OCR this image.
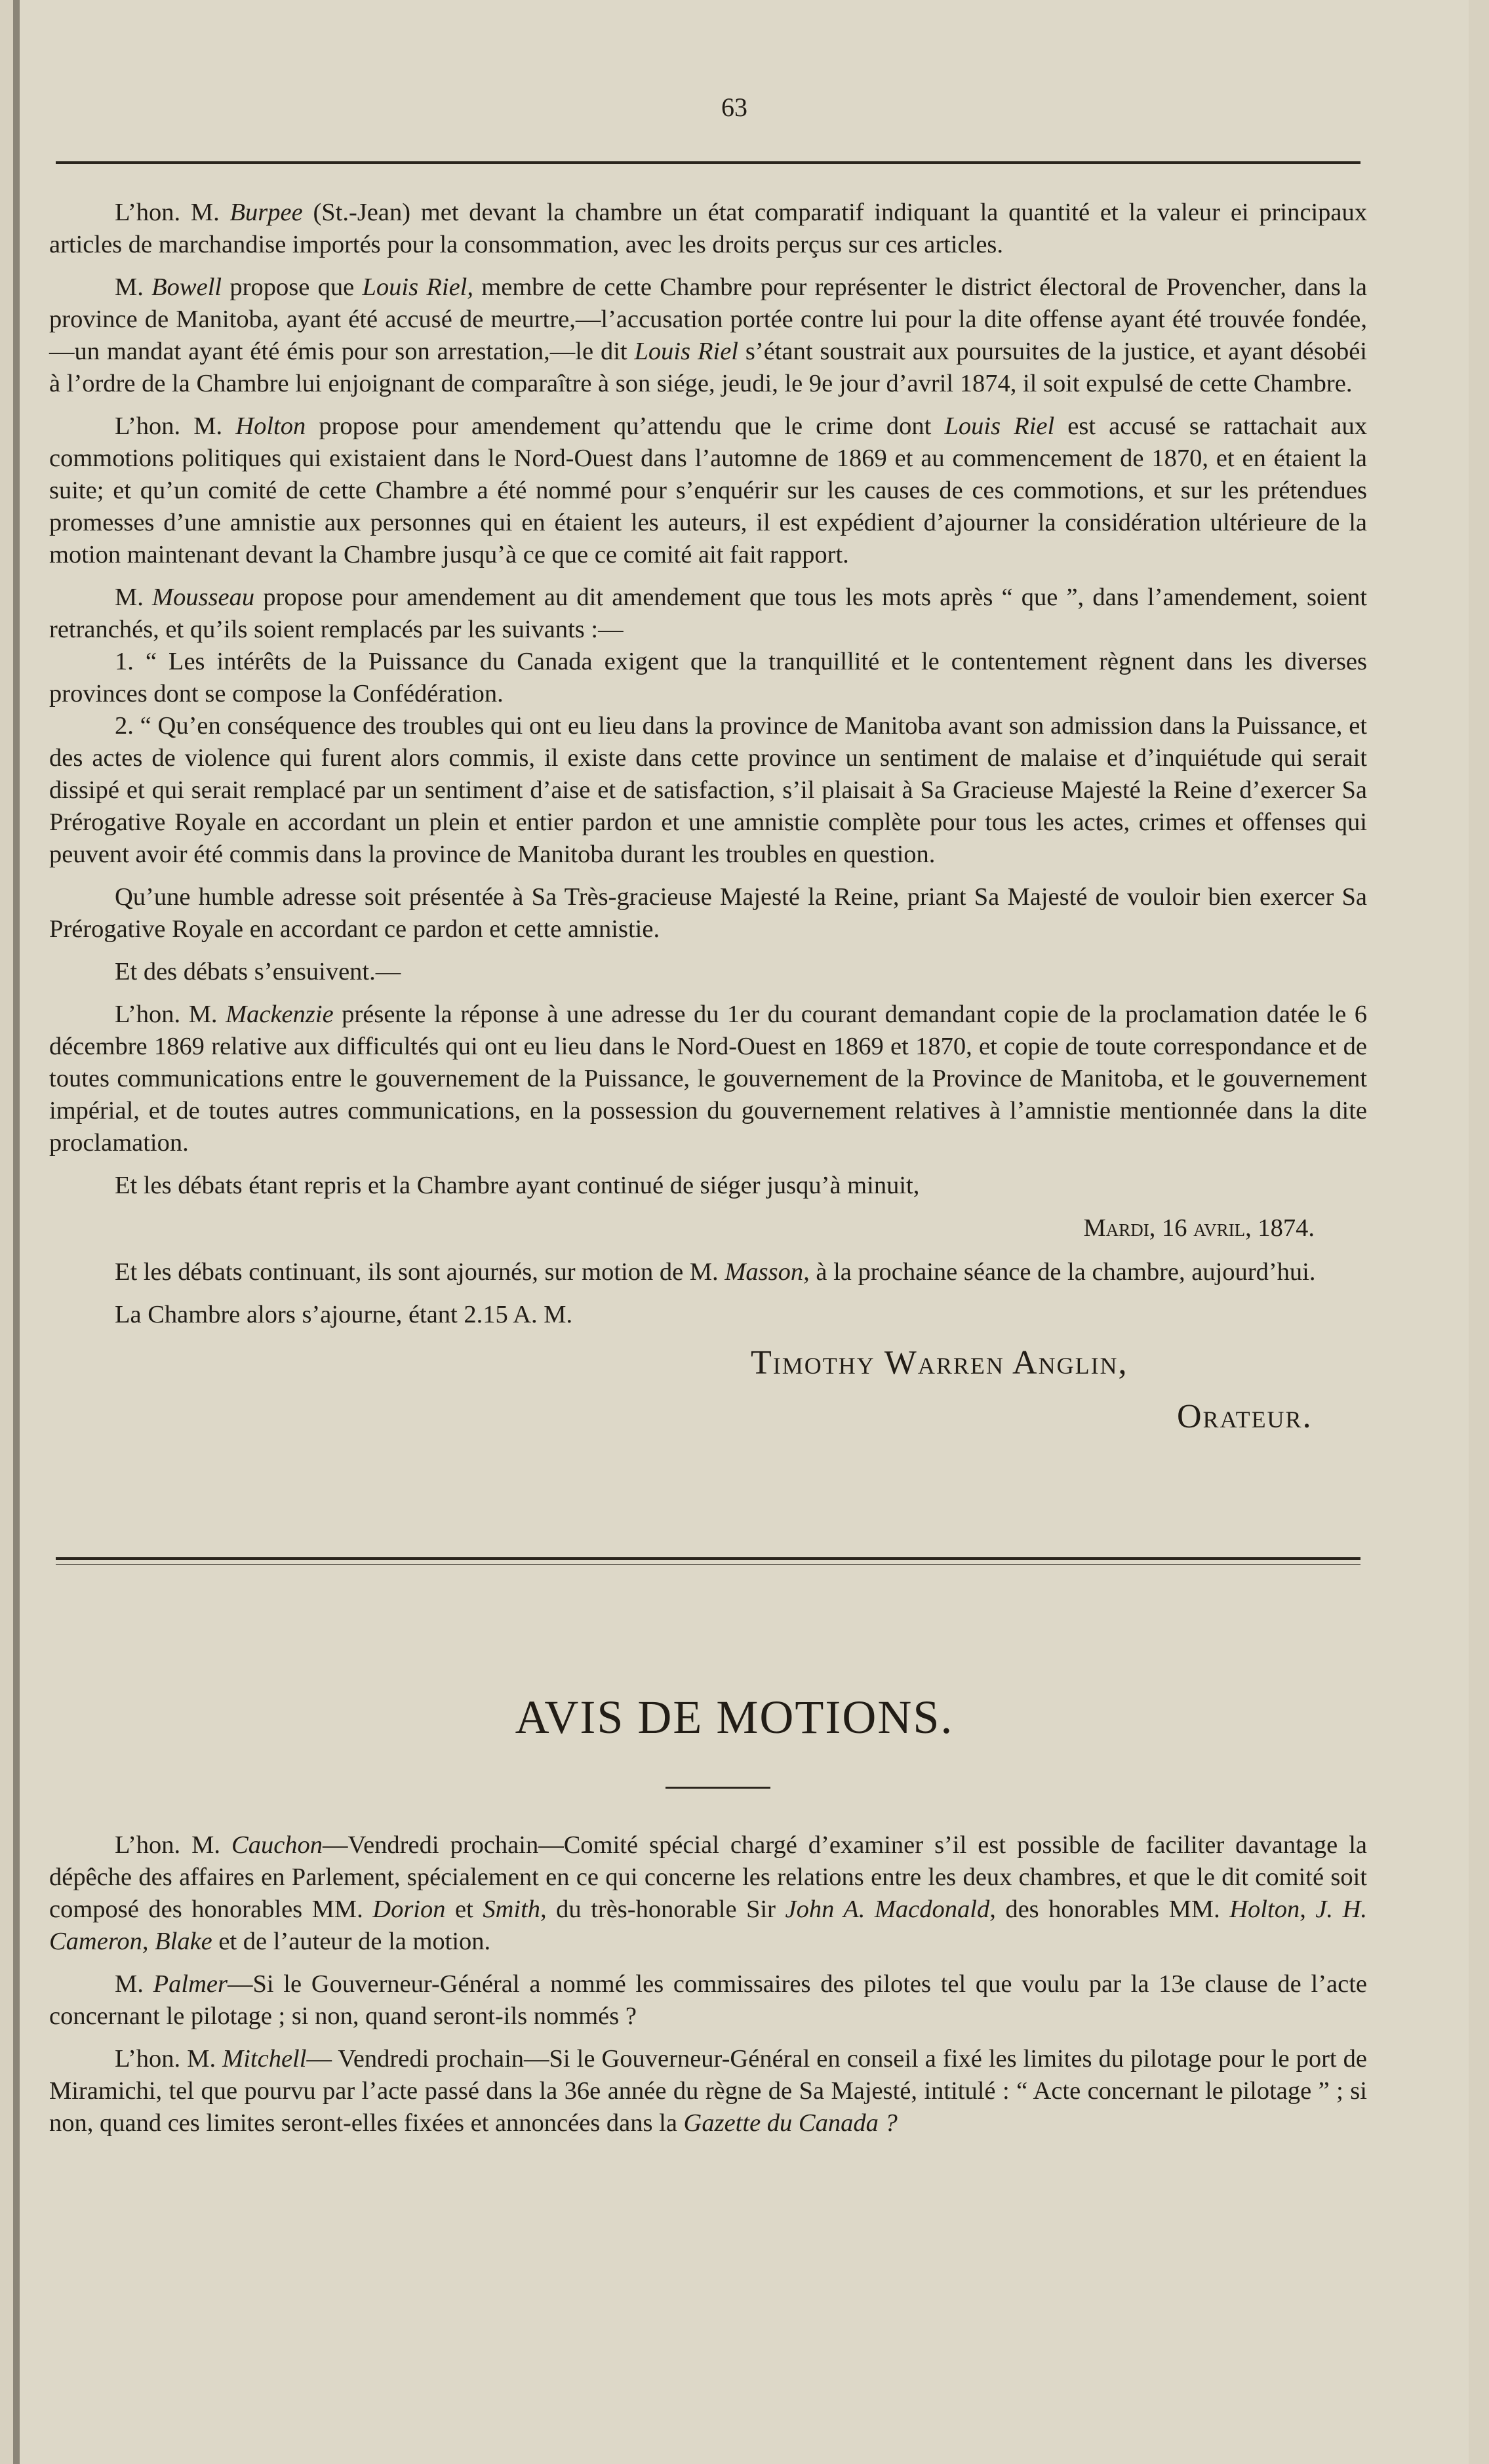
63

L’hon. M. Burpee (St.-Jean) met devant la chambre un état comparatif indiquant la quantité et la valeur ei principaux articles de marchandise importés pour la consommation, avec les droits perçus sur ces articles.

M. Bowell propose que Louis Riel, membre de cette Chambre pour représenter le district électoral de Provencher, dans la province de Manitoba, ayant été accusé de meurtre,—l’accusation portée contre lui pour la dite offense ayant été trouvée fondée,—un mandat ayant été émis pour son arrestation,—le dit Louis Riel s’étant soustrait aux poursuites de la justice, et ayant désobéi à l’ordre de la Chambre lui enjoignant de comparaître à son siége, jeudi, le 9e jour d’avril 1874, il soit expulsé de cette Chambre.

L’hon. M. Holton propose pour amendement qu’attendu que le crime dont Louis Riel est accusé se rattachait aux commotions politiques qui existaient dans le Nord-Ouest dans l’automne de 1869 et au commencement de 1870, et en étaient la suite; et qu’un comité de cette Chambre a été nommé pour s’enquérir sur les causes de ces commotions, et sur les prétendues promesses d’une amnistie aux personnes qui en étaient les auteurs, il est expédient d’ajourner la considération ultérieure de la motion maintenant devant la Chambre jusqu’à ce que ce comité ait fait rapport.

M. Mousseau propose pour amendement au dit amendement que tous les mots après “ que ”, dans l’amendement, soient retranchés, et qu’ils soient remplacés par les suivants :—

1. “ Les intérêts de la Puissance du Canada exigent que la tranquillité et le contentement règnent dans les diverses provinces dont se compose la Confédération.

2. “ Qu’en conséquence des troubles qui ont eu lieu dans la province de Manitoba avant son admission dans la Puissance, et des actes de violence qui furent alors commis, il existe dans cette province un sentiment de malaise et d’inquiétude qui serait dissipé et qui serait remplacé par un sentiment d’aise et de satisfaction, s’il plaisait à Sa Gracieuse Majesté la Reine d’exercer Sa Prérogative Royale en accordant un plein et entier pardon et une amnistie complète pour tous les actes, crimes et offenses qui peuvent avoir été commis dans la province de Manitoba durant les troubles en question.

Qu’une humble adresse soit présentée à Sa Très-gracieuse Majesté la Reine, priant Sa Majesté de vouloir bien exercer Sa Prérogative Royale en accordant ce pardon et cette amnistie.

Et des débats s’ensuivent.—

L’hon. M. Mackenzie présente la réponse à une adresse du 1er du courant demandant copie de la proclamation datée le 6 décembre 1869 relative aux difficultés qui ont eu lieu dans le Nord-Ouest en 1869 et 1870, et copie de toute correspondance et de toutes communications entre le gouvernement de la Puissance, le gouvernement de la Province de Manitoba, et le gouvernement impérial, et de toutes autres communications, en la possession du gouvernement relatives à l’amnistie mentionnée dans la dite proclamation.

Et les débats étant repris et la Chambre ayant continué de siéger jusqu’à minuit,

Mardi, 16 avril, 1874.

Et les débats continuant, ils sont ajournés, sur motion de M. Masson, à la prochaine séance de la chambre, aujourd’hui.

La Chambre alors s’ajourne, étant 2.15 A. M.

Timothy Warren Anglin,

Orateur.

AVIS DE MOTIONS.

L’hon. M. Cauchon—Vendredi prochain—Comité spécial chargé d’examiner s’il est possible de faciliter davantage la dépêche des affaires en Parlement, spécialement en ce qui concerne les relations entre les deux chambres, et que le dit comité soit composé des honorables MM. Dorion et Smith, du très-honorable Sir John A. Macdonald, des honorables MM. Holton, J. H. Cameron, Blake et de l’auteur de la motion.

M. Palmer—Si le Gouverneur-Général a nommé les commissaires des pilotes tel que voulu par la 13e clause de l’acte concernant le pilotage ; si non, quand seront-ils nommés ?

L’hon. M. Mitchell— Vendredi prochain—Si le Gouverneur-Général en conseil a fixé les limites du pilotage pour le port de Miramichi, tel que pourvu par l’acte passé dans la 36e année du règne de Sa Majesté, intitulé : “ Acte concernant le pilotage ” ; si non, quand ces limites seront-elles fixées et annoncées dans la Gazette du Canada ?
